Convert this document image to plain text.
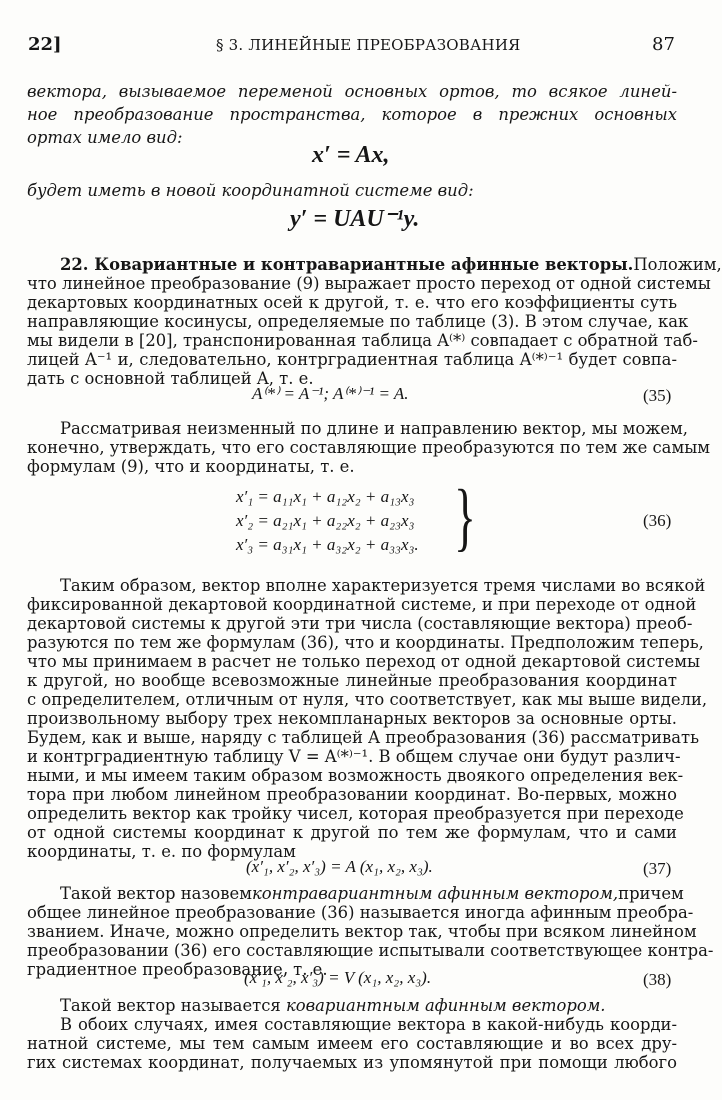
22]	§ 3. ЛИНЕЙНЫЕ ПРЕОБРАЗОВАНИЯ	87
вектора, вызываемое переменой основных ортов, то всякое линей-
ное преобразование пространства, которое в прежних основных
ортах имело вид:
x′ = Ax,
будет иметь в новой координатной системе вид:
y′ = UAU⁻¹y.
22. Ковариантные и контравариантные афинные векторы. Положим,
что линейное преобразование (9) выражает просто переход от одной системы
декартовых координатных осей к другой, т. е. что его коэффициенты суть
направляющие косинусы, определяемые по таблице (3). В этом случае, как
мы видели в [20], транспонированная таблица A⁽*⁾ совпадает с обратной таб-
лицей A⁻¹ и, следовательно, контрградиентная таблица A⁽*⁾⁻¹ будет совпа-
дать с основной таблицей A, т. е.
A⁽*⁾ = A⁻¹; A⁽*⁾⁻¹ = A.	(35)
Рассматривая неизменный по длине и направлению вектор, мы можем,
конечно, утверждать, что его составляющие преобразуются по тем же самым
формулам (9), что и координаты, т. е.
x′₁ = a₁₁x₁ + a₁₂x₂ + a₁₃x₃
x′₂ = a₂₁x₁ + a₂₂x₂ + a₂₃x₃
x′₃ = a₃₁x₁ + a₃₂x₂ + a₃₃x₃. }	(36)
Таким образом, вектор вполне характеризуется тремя числами во всякой
фиксированной декартовой координатной системе, и при переходе от одной
декартовой системы к другой эти три числа (составляющие вектора) преоб-
разуются по тем же формулам (36), что и координаты. Предположим теперь,
что мы принимаем в расчет не только переход от одной декартовой системы
к другой, но вообще всевозможные линейные преобразования координат
с определителем, отличным от нуля, что соответствует, как мы выше видели,
произвольному выбору трех некомпланарных векторов за основные орты.
Будем, как и выше, наряду с таблицей A преобразования (36) рассматривать
и контрградиентную таблицу V = A⁽*⁾⁻¹. В общем случае они будут различ-
ными, и мы имеем таким образом возможность двоякого определения век-
тора при любом линейном преобразовании координат. Во-первых, можно
определить вектор как тройку чисел, которая преобразуется при переходе
от одной системы координат к другой по тем же формулам, что и сами
координаты, т. е. по формулам
(x′₁, x′₂, x′₃) = A (x₁, x₂, x₃).	(37)
Такой вектор назовем контравариантным афинным вектором, причем
общее линейное преобразование (36) называется иногда афинным преобра-
званием. Иначе, можно определить вектор так, чтобы при всяком линейном
преобразовании (36) его составляющие испытывали соответствующее контра-
градиентное преобразование, т. е.
(x′₁, x′₂, x′₃) = V (x₁, x₂, x₃).	(38)
Такой вектор называется ковариантным афинным вектором.
В обоих случаях, имея составляющие вектора в какой-нибудь коорди-
натной системе, мы тем самым имеем его составляющие и во всех дру-
гих системах координат, получаемых из упомянутой при помощи любого
